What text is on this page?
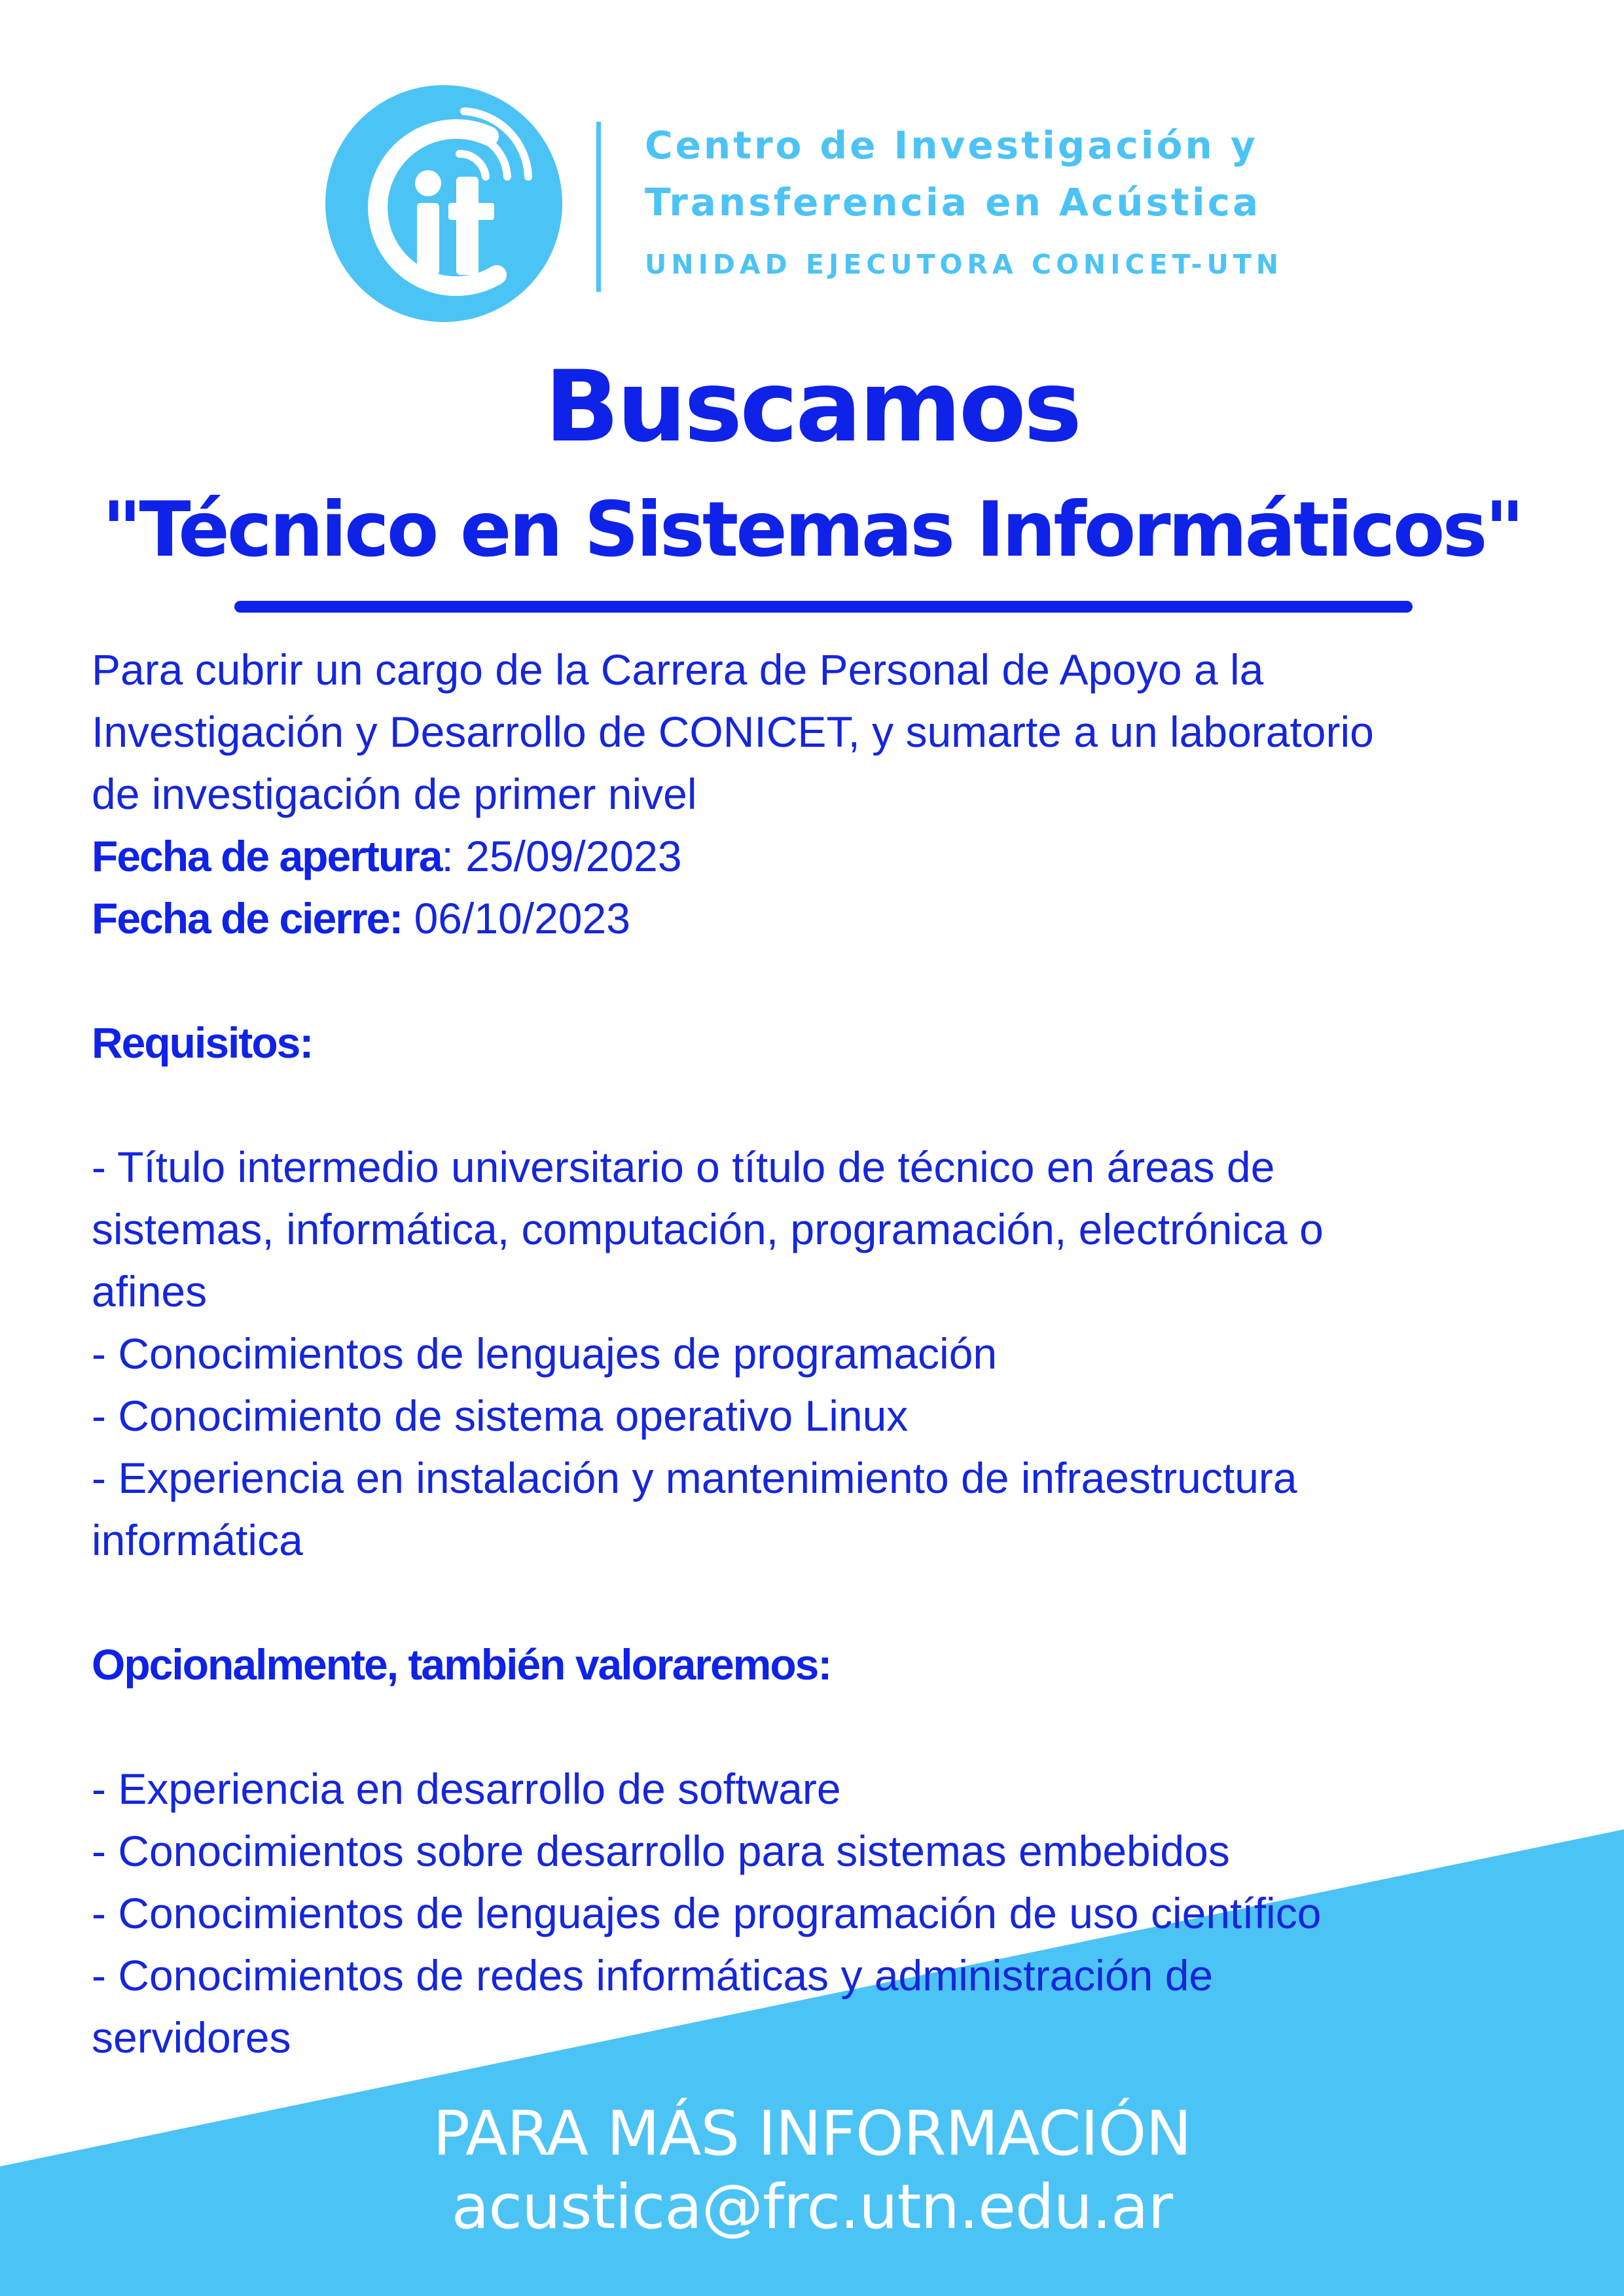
Centro de Investigación y
Transferencia en Acústica
UNIDAD EJECUTORA CONICET-UTN
Buscamos
"Técnico en Sistemas Informáticos"

Para cubrir un cargo de la Carrera de Personal de Apoyo a la

Investigación y Desarrollo de CONICET, y sumarte a un laboratorio

de investigación de primer nivel

Fecha de apertura: 25/09/2023

Fecha de cierre: 06/10/2023

Requisitos:

- Título intermedio universitario o título de técnico en áreas de

sistemas, informática, computación, programación, electrónica o

afines

- Conocimientos de lenguajes de programación

- Conocimiento de sistema operativo Linux

- Experiencia en instalación y mantenimiento de infraestructura

informática

Opcionalmente, también valoraremos:

- Experiencia en desarrollo de software

- Conocimientos sobre desarrollo para sistemas embebidos

- Conocimientos de lenguajes de programación de uso científico

- Conocimientos de redes informáticas y administración de

servidores

PARA MÁS INFORMACIÓN
acustica@frc.utn.edu.ar
